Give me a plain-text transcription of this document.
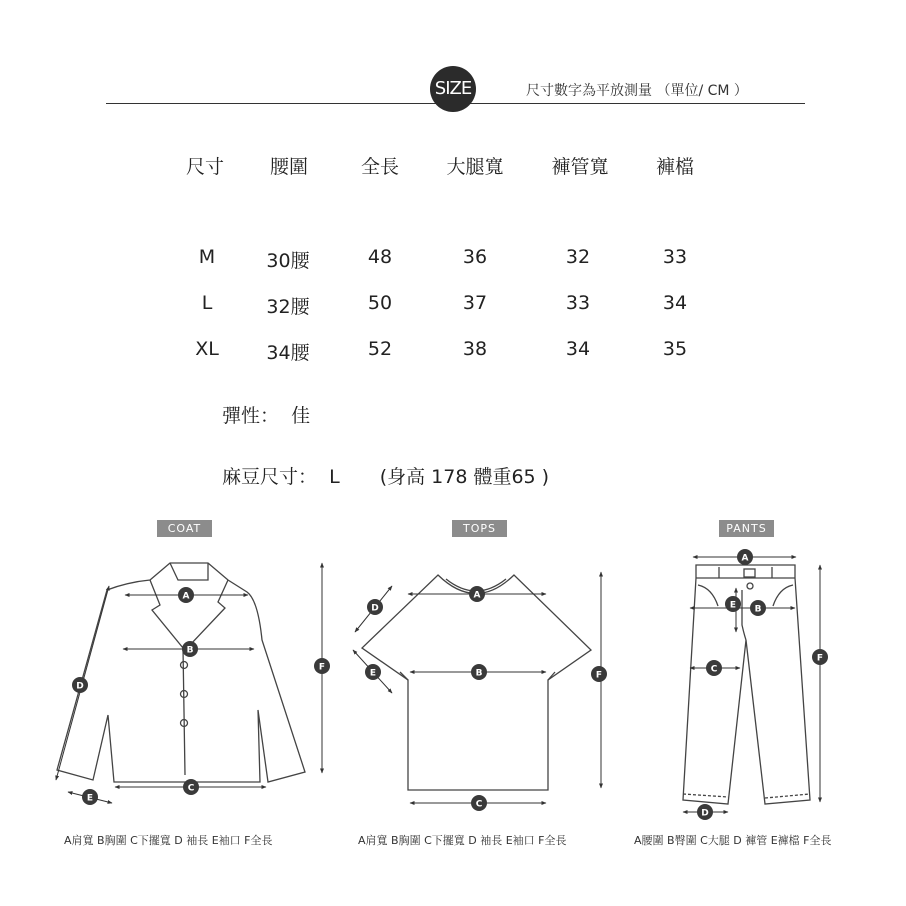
SIZE	尺寸數字為平放測量 （單位/ CM ）
尺寸	腰圍	全長	大腿寬	褲管寬	褲檔
M	30腰	48	36	32	33
L	32腰	50	37	33	34
XL	34腰	52	38	34	35
彈性： 佳
麻豆尺寸： L (身高 178 體重65 )
COAT	TOPS	PANTS
A
B
C
D
E
F
A
B
C
D
E	F
A
B
C
D
E
F
A肩寬 B胸圍 C下擺寬 D 袖長 E袖口 F全長	A肩寬 B胸圍 C下擺寬 D 袖長 E袖口 F全長	A腰圍 B臀圍 C大腿 D 褲管 E褲檔 F全長
